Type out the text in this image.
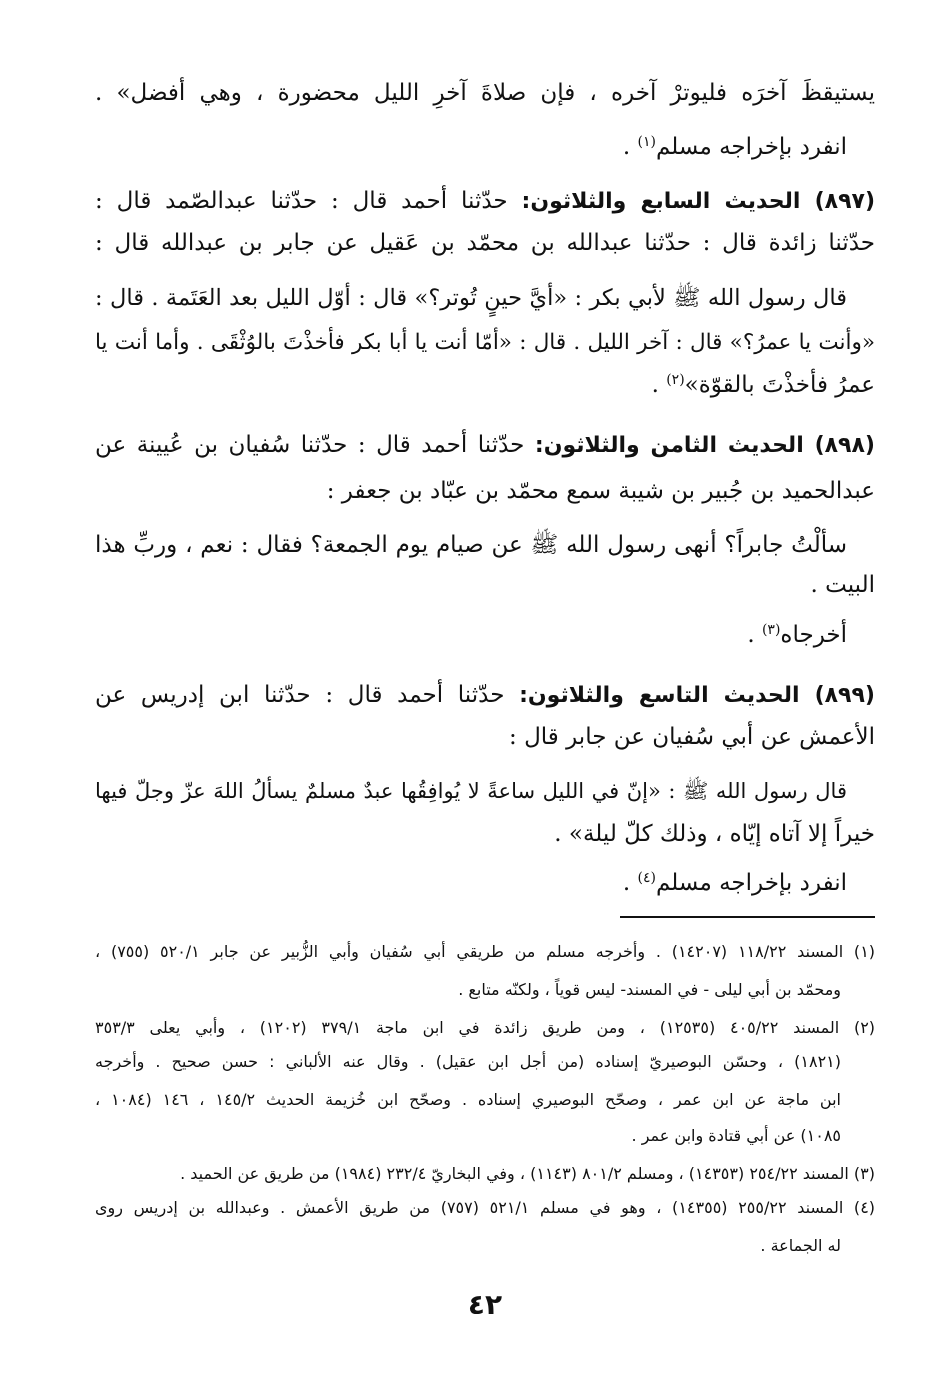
يستيقظَ آخرَه فليوترْ آخره ، فإن صلاةَ آخرِ الليل محضورة ، وهي أفضل» .
انفرد بإخراجه مسلم$^{(١)}$ .
(٨٩٧) الحديث السابع والثلاثون: حدّثنا أحمد قال : حدّثنا عبدالصّمد قال :
حدّثنا زائدة قال : حدّثنا عبدالله بن محمّد بن عَقيل عن جابر بن عبدالله قال :
قال رسول الله ﷺ لأبي بكر : «أيَّ حينٍ تُوتر؟» قال : أوّل الليل بعد العَتَمة . قال :
«وأنت يا عمرُ؟» قال : آخر الليل . قال : «أمّا أنت يا أبا بكر فأخذْتَ بالوُثْقَى . وأما أنت يا
عمرُ فأخذْتَ بالقوّة»$^{(٢)}$ .
(٨٩٨) الحديث الثامن والثلاثون: حدّثنا أحمد قال : حدّثنا سُفيان بن عُيينة عن
عبدالحميد بن جُبير بن شيبة سمع محمّد بن عبّاد بن جعفر :
سألْتُ جابراً؟ أنهى رسول الله ﷺ عن صيام يوم الجمعة؟ فقال : نعم ، وربِّ هذا
البيت .
أخرجاه$^{(٣)}$ .
(٨٩٩) الحديث التاسع والثلاثون: حدّثنا أحمد قال : حدّثنا ابن إدريس عن
الأعمش عن أبي سُفيان عن جابر قال :
قال رسول الله ﷺ : «إنّ في الليل ساعةً لا يُوافِقُها عبدٌ مسلمٌ يسألُ اللهَ عزّ وجلّ فيها
خيراً إلا آتاه إيّاه ، وذلك كلّ ليلة» .
انفرد بإخراجه مسلم$^{(٤)}$ .
(١) المسند ١١٨/٢٢ (١٤٢٠٧) . وأخرجه مسلم من طريقي أبي سُفيان وأبي الزُّبير عن جابر ٥٢٠/١ (٧٥٥) ،
ومحمّد بن أبي ليلى - في المسند- ليس قوياً ، ولكنّه متابع .
(٢) المسند ٤٠٥/٢٢ (١٢٥٣٥) ، ومن طريق زائدة في ابن ماجة ٣٧٩/١ (١٢٠٢) ، وأبي يعلى ٣٥٣/٣
(١٨٢١) ، وحسّن البوصيريّ إسناده (من أجل ابن عقيل) . وقال عنه الألباني : حسن صحيح . وأخرجه
ابن ماجة عن ابن عمر ، وصحّح البوصيري إسناده . وصحّح ابن خُزيمة الحديث ١٤٥/٢ ، ١٤٦ (١٠٨٤ ،
١٠٨٥) عن أبي قتادة وابن عمر .
(٣) المسند ٢٥٤/٢٢ (١٤٣٥٣) ، ومسلم ٨٠١/٢ (١١٤٣) ، وفي البخاريّ ٢٣٢/٤ (١٩٨٤) من طريق عن الحميد .
(٤) المسند ٢٥٥/٢٢ (١٤٣٥٥) ، وهو في مسلم ٥٢١/١ (٧٥٧) من طريق الأعمش . وعبدالله بن إدريس روى
له الجماعة .
٤٢
